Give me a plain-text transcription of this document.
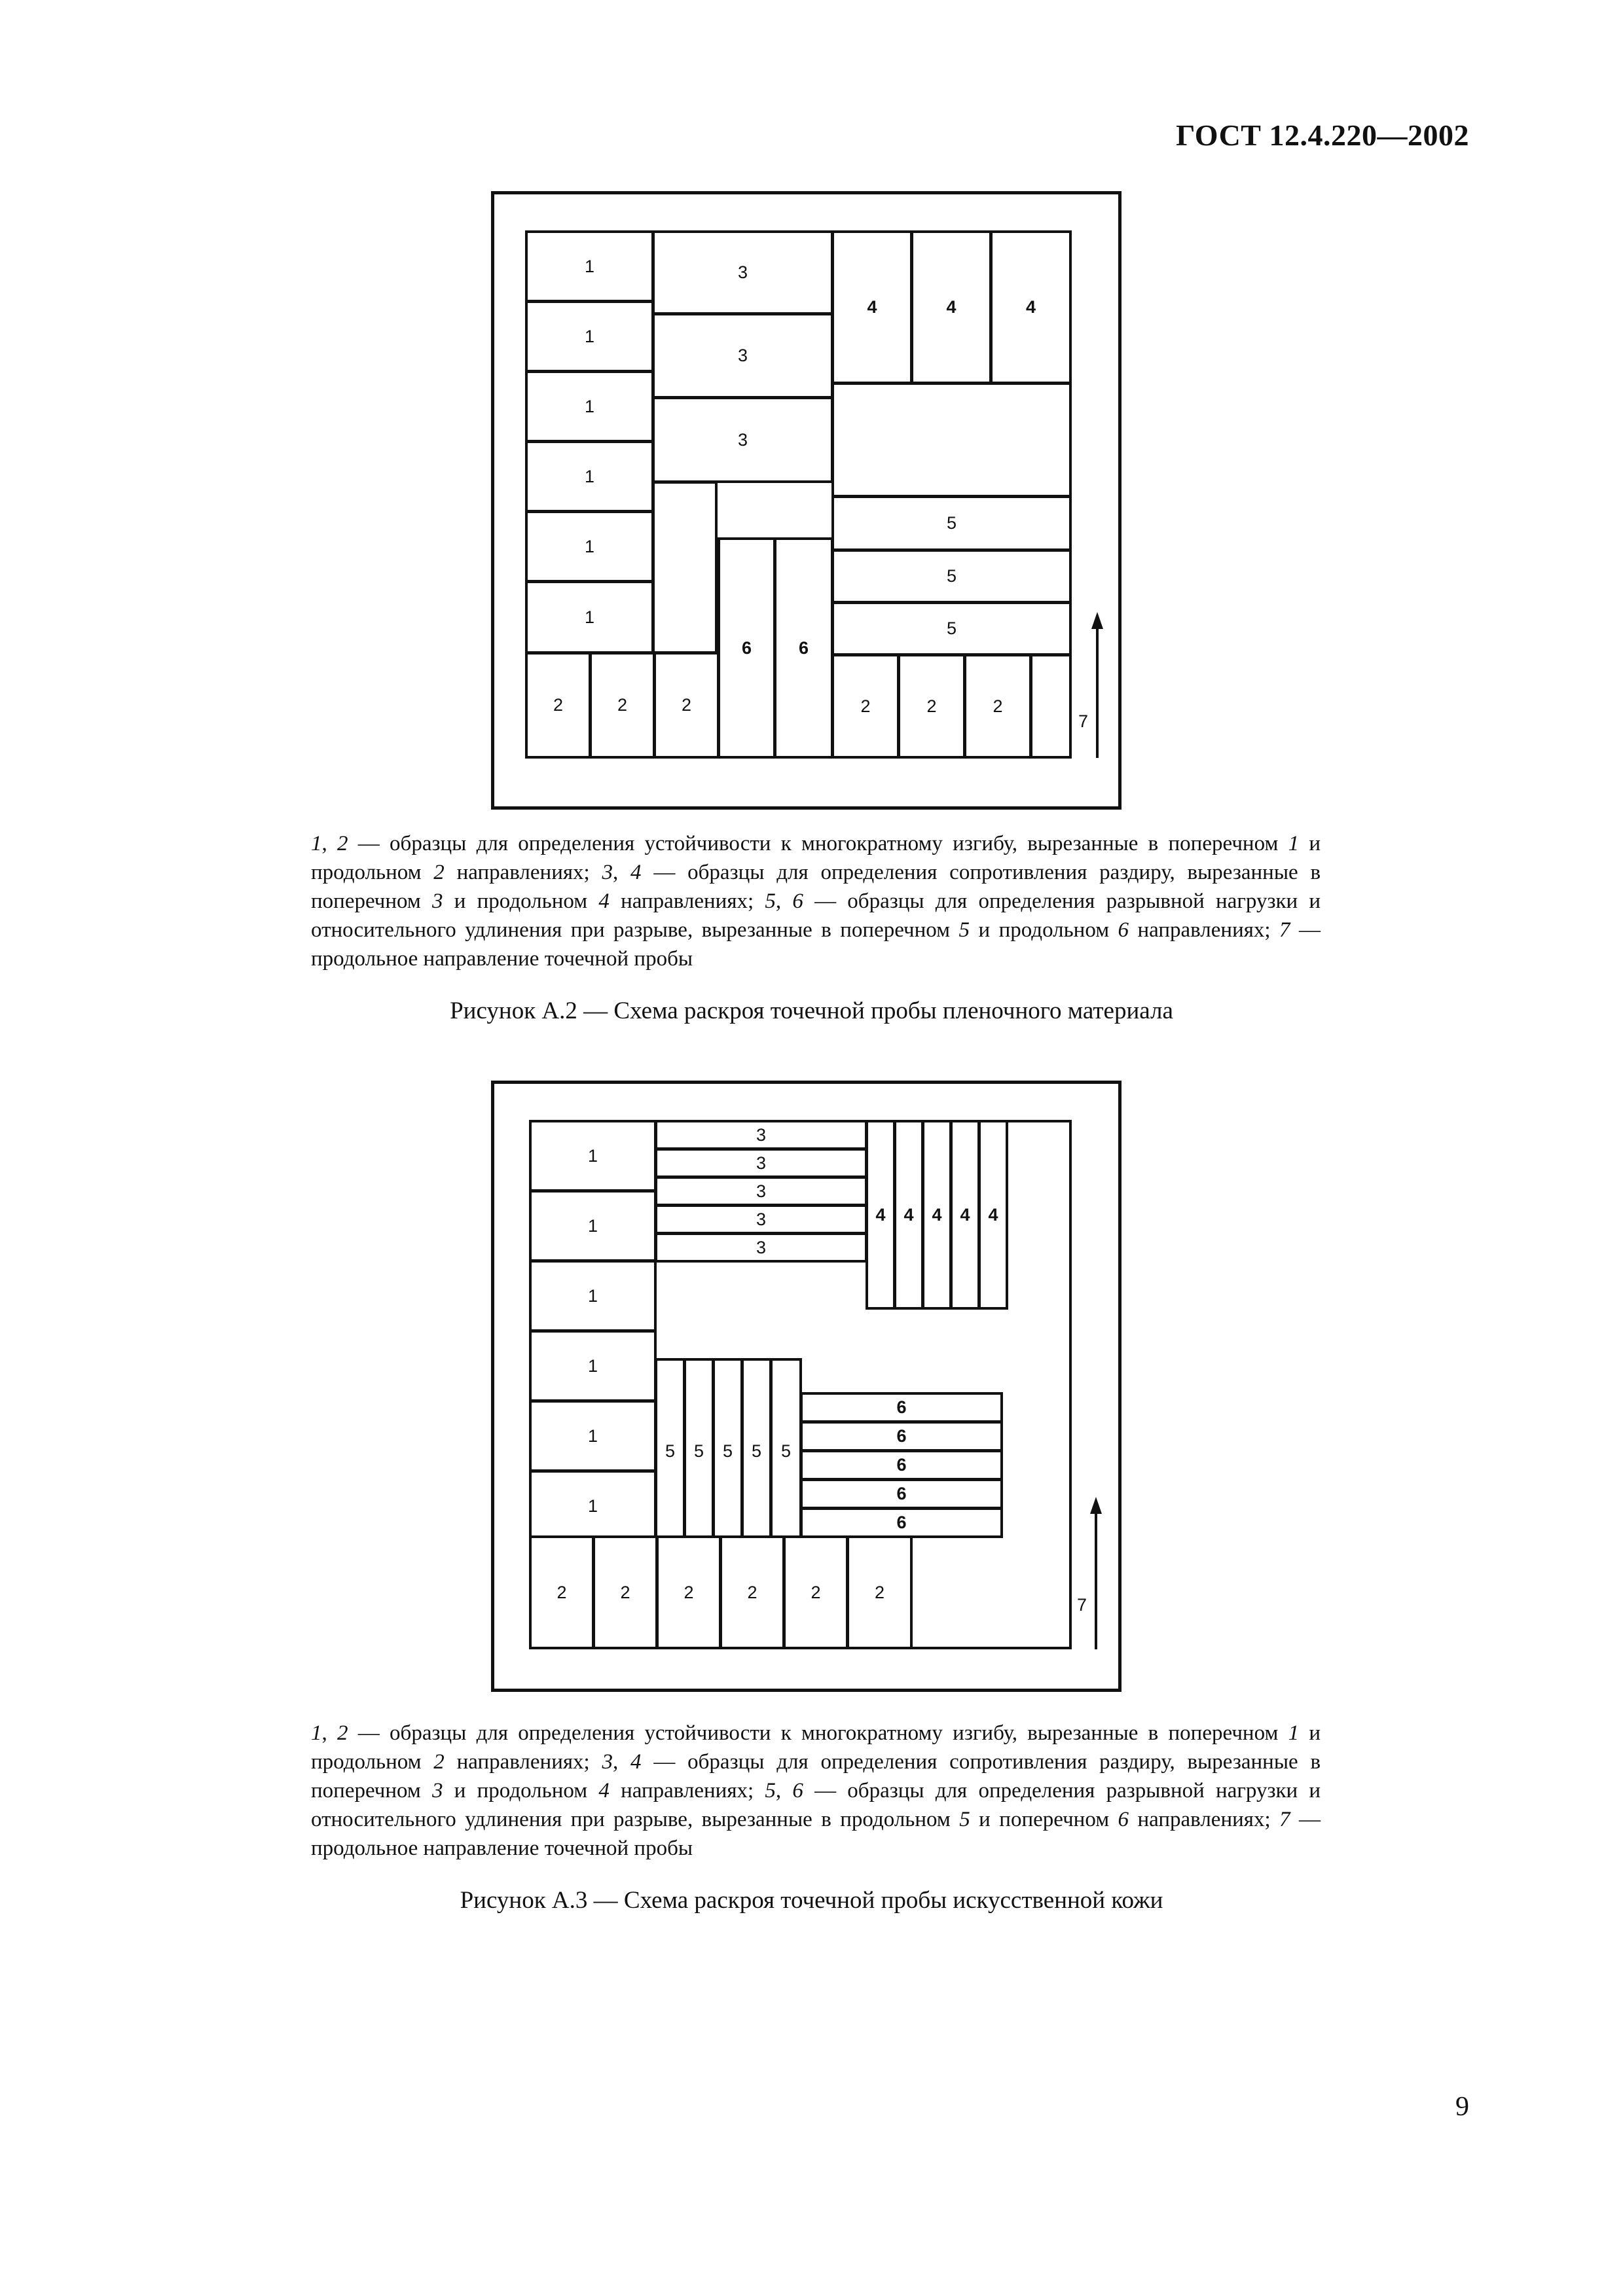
ГОСТ 12.4.220—2002
1
1
1
1
1
1
3
3
3
4	4	4
5
5
5
6	6
2	2	2	2	2	2
7

1, 2 — образцы для определения устойчивости к многократному изгибу, вырезанные в поперечном 1 и продольном 2 направлениях; 3, 4 — образцы для определения сопротивления раздиру, вырезанные в поперечном 3 и продольном 4 направлениях; 5, 6 — образцы для определения разрывной нагрузки и относительного удлинения при разрыве, вырезанные в поперечном 5 и продольном 6 направлениях; 7 — продольное направление точечной пробы

Рисунок А.2 — Схема раскроя точечной пробы пленочного материала
1
1
1
1
1
1
3
3
3
3
3
4 4 4 4 4
5 5 5 5 5
6
6
6
6
6
2	2	2	2	2	2
7

1, 2 — образцы для определения устойчивости к многократному изгибу, вырезанные в поперечном 1 и продольном 2 направлениях; 3, 4 — образцы для определения сопротивления раздиру, вырезанные в поперечном 3 и продольном 4 направлениях; 5, 6 — образцы для определения разрывной нагрузки и относительного удлинения при разрыве, вырезанные в продольном 5 и поперечном 6 направлениях; 7 — продольное направление точечной пробы

Рисунок А.3 — Схема раскроя точечной пробы искусственной кожи
9
